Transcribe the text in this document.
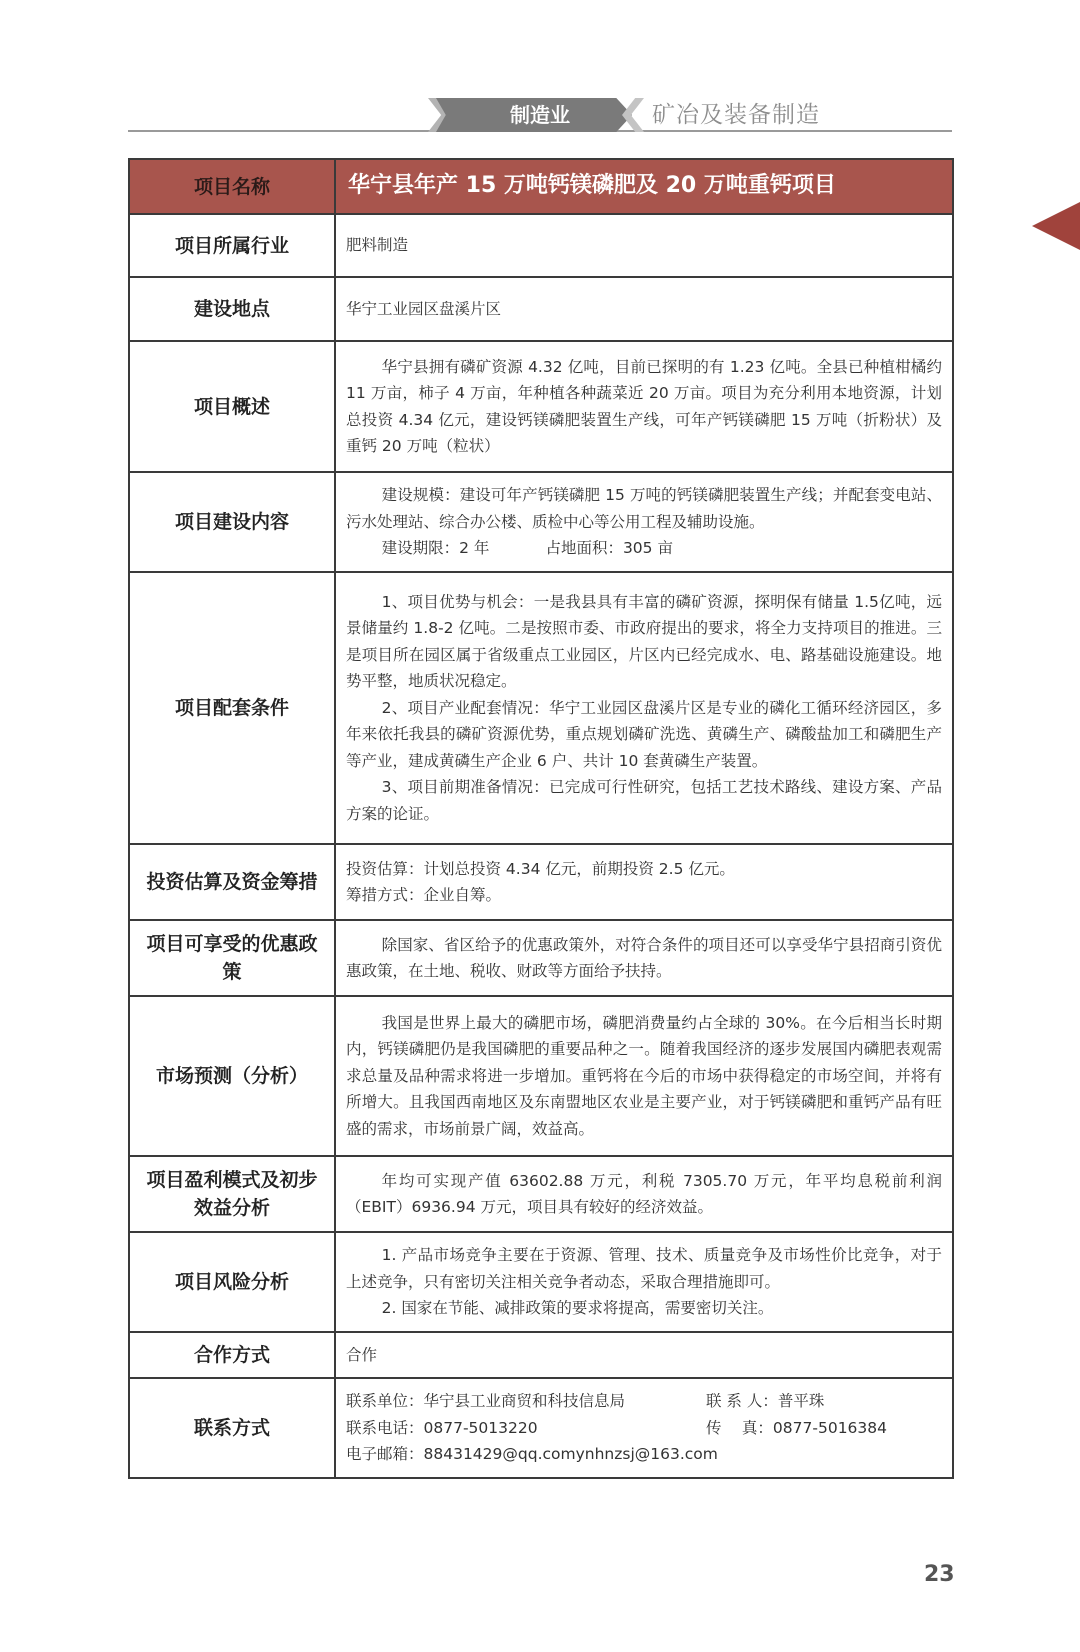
制造业	矿冶及装备制造
项目名称	华宁县年产 15 万吨钙镁磷肥及 20 万吨重钙项目
项目所属行业	肥料制造
建设地点	华宁工业园区盘溪片区
项目概述	华宁县拥有磷矿资源 4.32 亿吨，目前已探明的有 1.23 亿吨。全县已种植柑橘约 11 万亩，柿子 4 万亩，年种植各种蔬菜近 20 万亩。项目为充分利用本地资源，计划总投资 4.34 亿元，建设钙镁磷肥装置生产线，可年产钙镁磷肥 15 万吨（折粉状）及重钙 20 万吨（粒状）

项目建设内容	建设规模：建设可年产钙镁磷肥 15 万吨的钙镁磷肥装置生产线；并配套变电站、污水处理站、综合办公楼、质检中心等公用工程及辅助设施。

建设期限：2 年 占地面积：305 亩

项目配套条件	1、项目优势与机会：一是我县具有丰富的磷矿资源，探明保有储量 1.5亿吨，远景储量约 1.8-2 亿吨。二是按照市委、市政府提出的要求，将全力支持项目的推进。三是项目所在园区属于省级重点工业园区，片区内已经完成水、电、路基础设施建设。地势平整，地质状况稳定。

2、项目产业配套情况：华宁工业园区盘溪片区是专业的磷化工循环经济园区，多年来依托我县的磷矿资源优势，重点规划磷矿洗选、黄磷生产、磷酸盐加工和磷肥生产等产业，建成黄磷生产企业 6 户、共计 10 套黄磷生产装置。

3、项目前期准备情况：已完成可行性研究，包括工艺技术路线、建设方案、产品方案的论证。

投资估算及资金筹措	投资估算：计划总投资 4.34 亿元，前期投资 2.5 亿元。

筹措方式：企业自筹。

项目可享受的优惠政策	除国家、省区给予的优惠政策外，对符合条件的项目还可以享受华宁县招商引资优惠政策，在土地、税收、财政等方面给予扶持。

市场预测（分析）	我国是世界上最大的磷肥市场，磷肥消费量约占全球的 30%。在今后相当长时期内，钙镁磷肥仍是我国磷肥的重要品种之一。随着我国经济的逐步发展国内磷肥表观需求总量及品种需求将进一步增加。重钙将在今后的市场中获得稳定的市场空间，并将有所增大。且我国西南地区及东南盟地区农业是主要产业，对于钙镁磷肥和重钙产品有旺盛的需求，市场前景广阔，效益高。

项目盈利模式及初步效益分析	年均可实现产值 63602.88 万元，利税 7305.70 万元，年平均息税前利润（EBIT）6936.94 万元，项目具有较好的经济效益。

项目风险分析	1. 产品市场竞争主要在于资源、管理、技术、质量竞争及市场性价比竞争，对于上述竞争，只有密切关注相关竞争者动态，采取合理措施即可。

2. 国家在节能、减排政策的要求将提高，需要密切关注。

合作方式	合作
联系方式	联系单位：华宁县工业商贸和科技信息局 联 系 人：普平珠
联系电话：0877-5013220 传　 真：0877-5016384
电子邮箱：88431429@qq.comynhnzsj@163.com
23
